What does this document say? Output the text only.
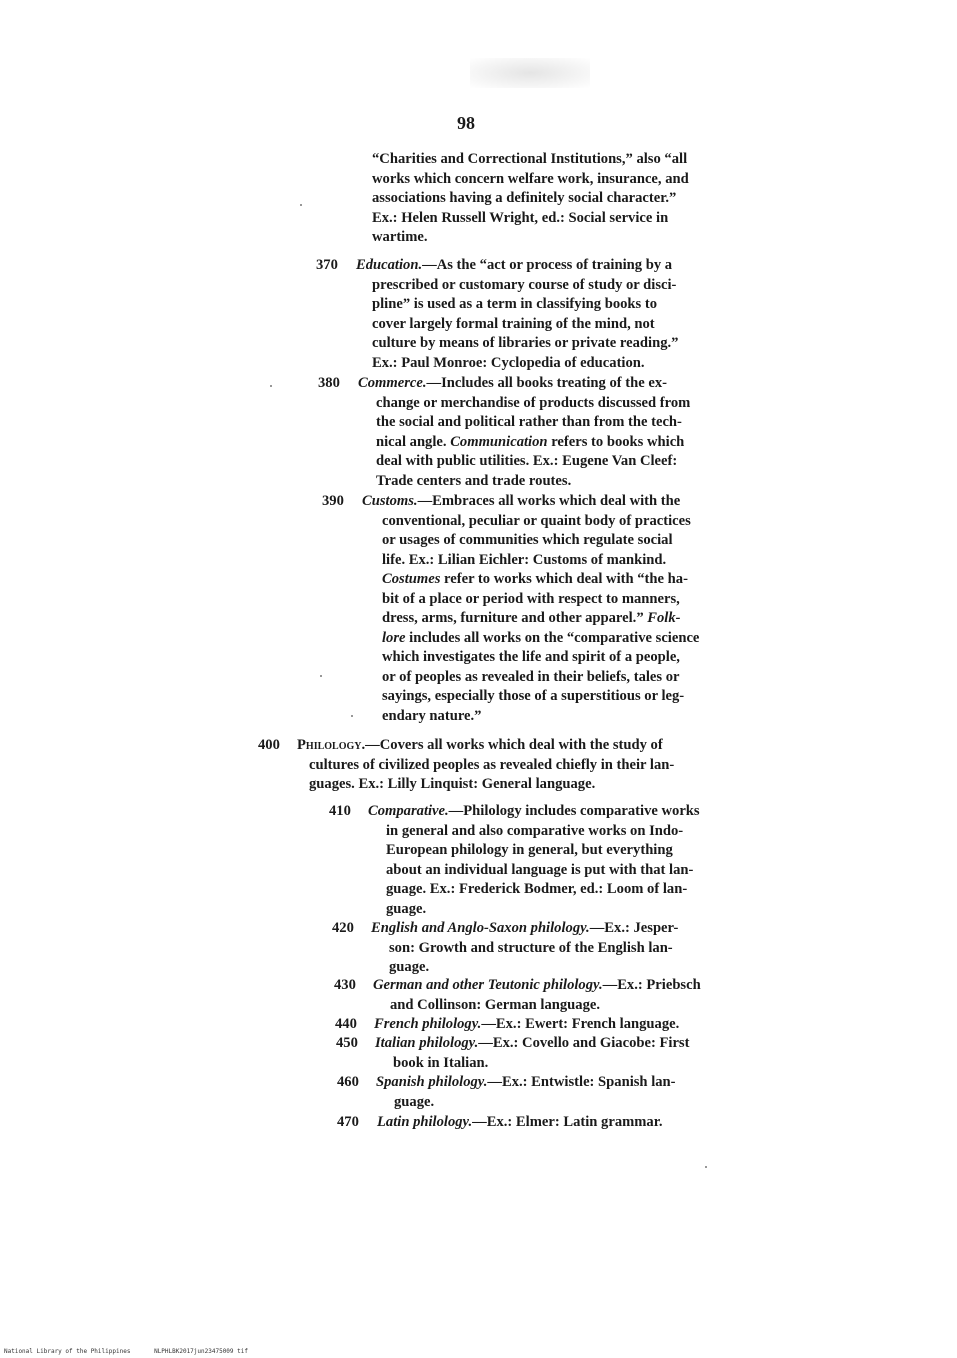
98
“Charities and Correctional Institutions,” also “all
works which concern welfare work, insurance, and
associations having a definitely social character.”
Ex.: Helen Russell Wright, ed.: Social service in
wartime.
370 Education.—As the “act or process of training by a
prescribed or customary course of study or disci-
pline” is used as a term in classifying books to
cover largely formal training of the mind, not
culture by means of libraries or private reading.”
Ex.: Paul Monroe: Cyclopedia of education.
380 Commerce.—Includes all books treating of the ex-
change or merchandise of products discussed from
the social and political rather than from the tech-
nical angle. Communication refers to books which
deal with public utilities. Ex.: Eugene Van Cleef:
Trade centers and trade routes.
390 Customs.—Embraces all works which deal with the
conventional, peculiar or quaint body of practices
or usages of communities which regulate social
life. Ex.: Lilian Eichler: Customs of mankind.
Costumes refer to works which deal with “the ha-
bit of a place or period with respect to manners,
dress, arms, furniture and other apparel.” Folk-
lore includes all works on the “comparative science
which investigates the life and spirit of a people,
or of peoples as revealed in their beliefs, tales or
sayings, especially those of a superstitious or leg-
endary nature.”
400 Philology.—Covers all works which deal with the study of
cultures of civilized peoples as revealed chiefly in their lan-
guages. Ex.: Lilly Linquist: General language.
410 Comparative.—Philology includes comparative works
in general and also comparative works on Indo-
European philology in general, but everything
about an individual language is put with that lan-
guage. Ex.: Frederick Bodmer, ed.: Loom of lan-
guage.
420 English and Anglo-Saxon philology.—Ex.: Jesper-
son: Growth and structure of the English lan-
guage.
430 German and other Teutonic philology.—Ex.: Priebsch
and Collinson: German language.
440 French philology.—Ex.: Ewert: French language.
450 Italian philology.—Ex.: Covello and Giacobe: First
book in Italian.
460 Spanish philology.—Ex.: Entwistle: Spanish lan-
guage.
470 Latin philology.—Ex.: Elmer: Latin grammar.
National Library of the Philippines	NLPHLBK2017jun23475009 tif
